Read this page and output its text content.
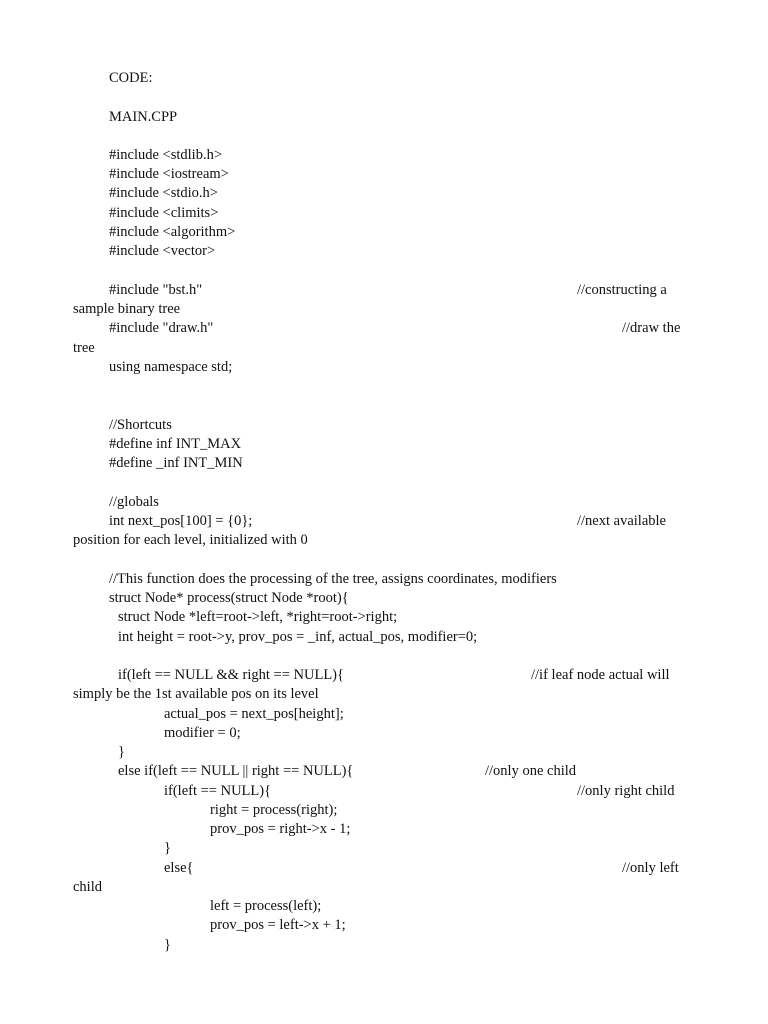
CODE:
MAIN.CPP
#include <stdlib.h>
#include <iostream>
#include <stdio.h>
#include <climits>
#include <algorithm>
#include <vector>
#include "bst.h"	//constructing a
sample binary tree
#include "draw.h"	//draw the
tree
using namespace std;
//Shortcuts
#define inf INT_MAX
#define _inf INT_MIN
//globals
int next_pos[100] = {0};	//next available
position for each level, initialized with 0
//This function does the processing of the tree, assigns coordinates, modifiers
struct Node* process(struct Node *root){
struct Node *left=root->left, *right=root->right;
int height = root->y, prov_pos = _inf, actual_pos, modifier=0;
if(left == NULL && right == NULL){	//if leaf node actual will
simply be the 1st available pos on its level
actual_pos = next_pos[height];
modifier = 0;
}
else if(left == NULL || right == NULL){	//only one child
if(left == NULL){	//only right child
right = process(right);
prov_pos = right->x - 1;
}
else{	//only left
child
left = process(left);
prov_pos = left->x + 1;
}
